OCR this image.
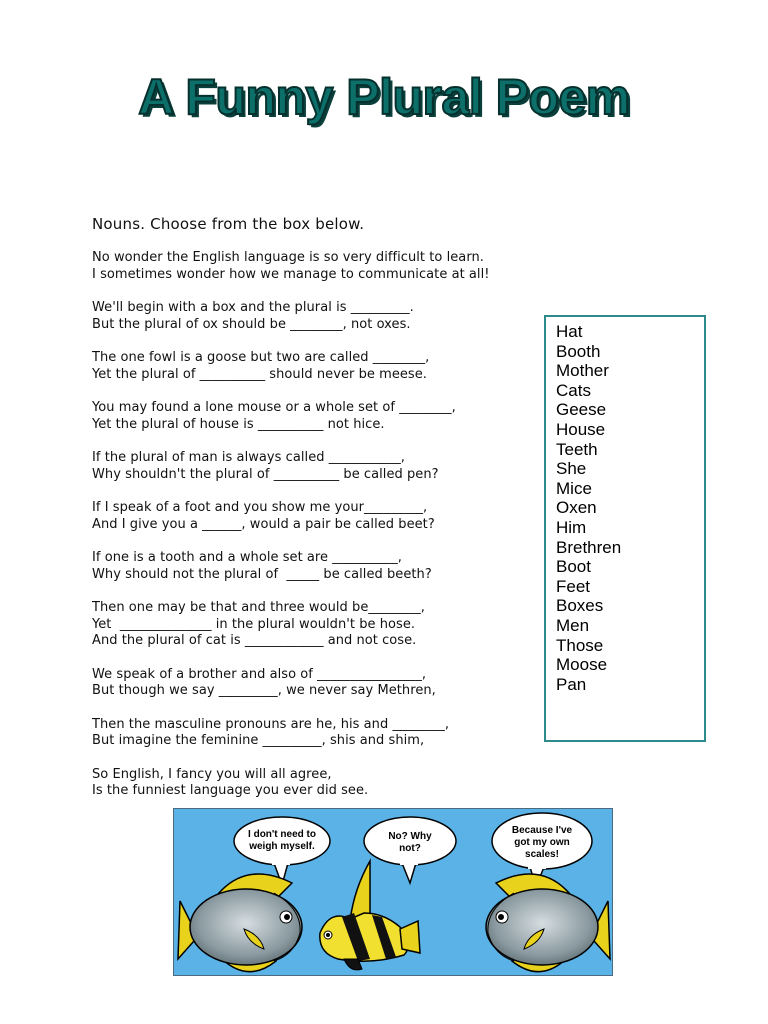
A Funny Plural Poem
Nouns. Choose from the box below.
No wonder the English language is so very difficult to learn.
I sometimes wonder how we manage to communicate at all!
We'll begin with a box and the plural is _________.
But the plural of ox should be ________, not oxes.
The one fowl is a goose but two are called ________,
Yet the plural of __________ should never be meese.
You may found a lone mouse or a whole set of ________,
Yet the plural of house is __________ not hice.
If the plural of man is always called ___________,
Why shouldn't the plural of __________ be called pen?
If I speak of a foot and you show me your_________,
And I give you a ______, would a pair be called beet?
If one is a tooth and a whole set are __________,
Why should not the plural of  _____ be called beeth?
Then one may be that and three would be________,
Yet  ______________ in the plural wouldn't be hose.
And the plural of cat is ____________ and not cose.
We speak of a brother and also of ________________,
But though we say _________, we never say Methren,
Then the masculine pronouns are he, his and ________,
But imagine the feminine _________, shis and shim,
So English, I fancy you will all agree,
Is the funniest language you ever did see.
Hat
Booth
Mother
Cats
Geese
House
Teeth
She
Mice
Oxen
Him
Brethren
Boot
Feet
Boxes
Men
Those
Moose
Pan
I don't need to
weigh myself.
No? Why
not?
Because I've
got my own
scales!
